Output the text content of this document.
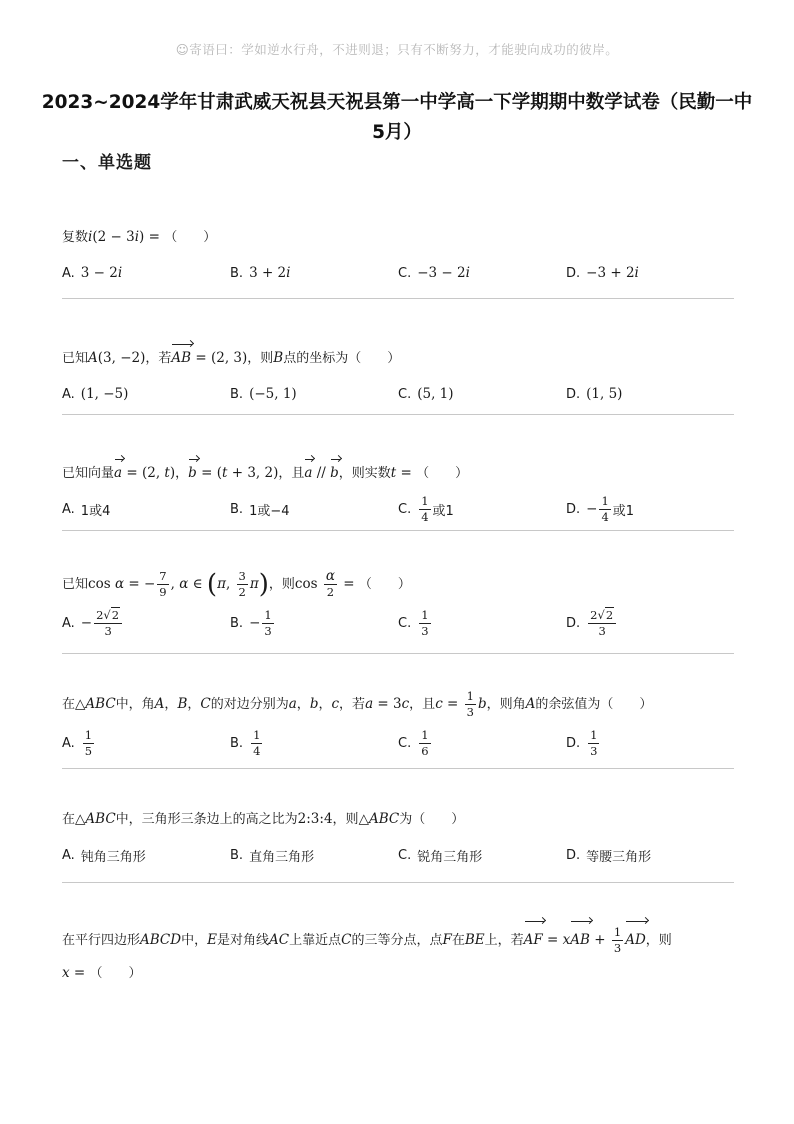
☺寄语曰：学如逆水行舟，不进则退；只有不断努力，才能驶向成功的彼岸。
2023~2024学年甘肃武威天祝县天祝县第一中学高一下学期期中数学试卷（民勤一中5月）
一、单选题
复数i(2 − 3i) = （　　）
A. 3 − 2 i	B. 3 + 2 i	C. −3 − 2 i	D. −3 + 2 i
已知A(3, −2)，若AB = (2, 3)，则B点的坐标为（　　）
A. (1, −5)	B. (−5, 1)	C. (5, 1)	D. (1, 5)
已知向量a = (2, t)，b = (t + 3, 2)，且a // b，则实数t = （　　）
A. 1或4	B. 1或−4	C. $\frac{1}{4}$ 或1	D. − $\frac{1}{4}$ 或1
已知cos α = − $\frac{7}{9}$ , α ∈ (π, $\frac{3}{2} \pi$)，则$\cos \frac{\alpha}{2}$ = （　　）
A. − $\frac{2√2}{3}$	B. − $\frac{1}{3}$	C. $\frac{1}{3}$	D. $\frac{2√2}{3}$
在△ABC中，角A，B，C的对边分别为a，b，c，若a = 3c，且$c = \frac{1}{3}$ b，则角A的余弦值为（　　）
A. $\frac{1}{5}$	B. $\frac{1}{4}$	C. $\frac{1}{6}$	D. $\frac{1}{3}$
在△ABC中，三角形三条边上的高之比为2:3:4，则△ABC为（　　）
A. 钝角三角形	B. 直角三角形	C. 锐角三角形	D. 等腰三角形
在平行四边形ABCD中，E是对角线AC上靠近点C的三等分点，点F在BE上，若AF = xAB + $\frac{1}{3}$ AD，则
x = （　　）
